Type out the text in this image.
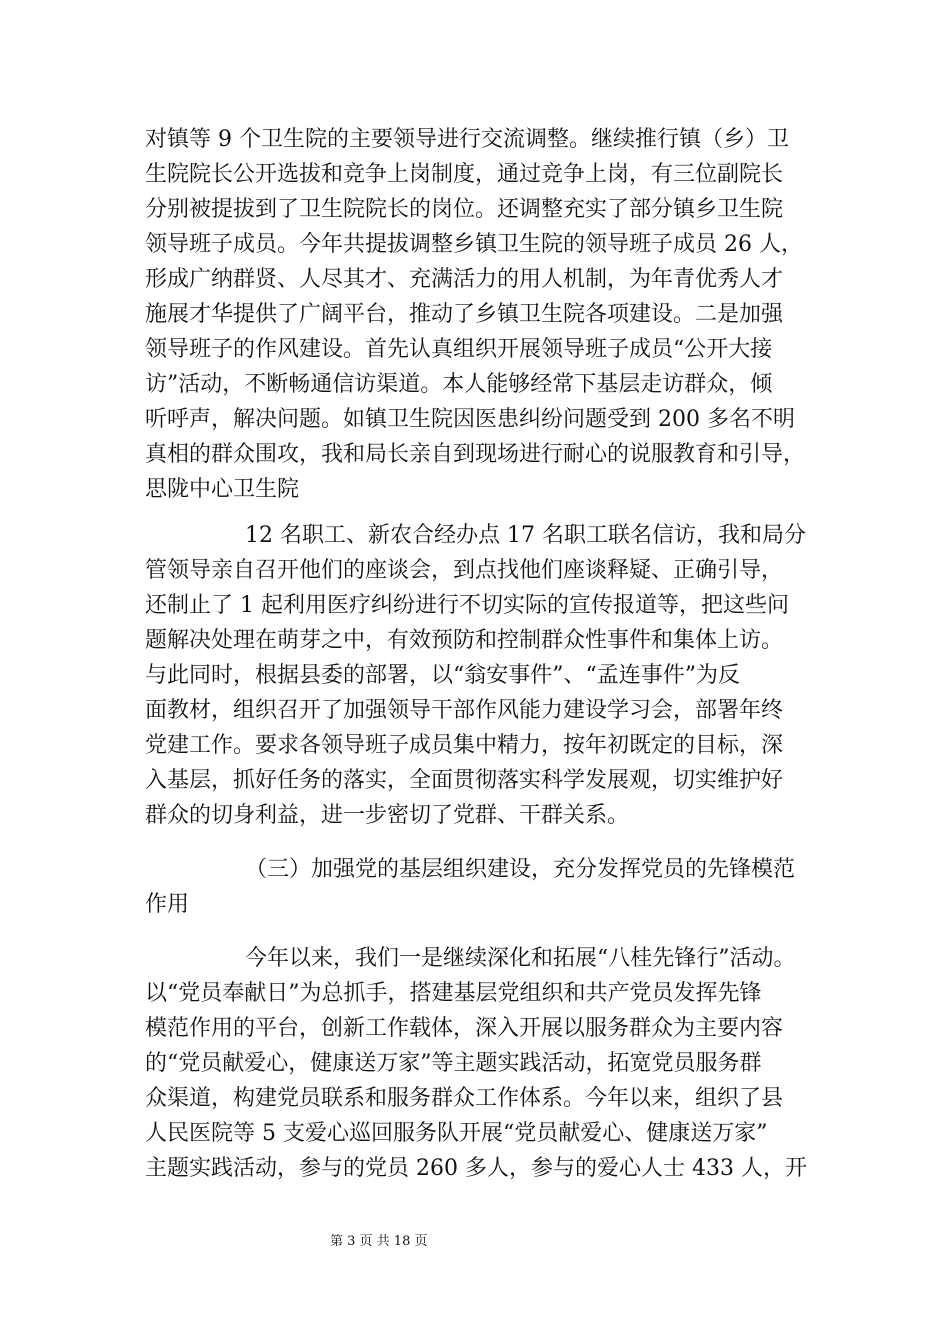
对镇等 9 个卫生院的主要领导进行交流调整。继续推行镇（乡）卫
生院院长公开选拔和竞争上岗制度，通过竞争上岗，有三位副院长
分别被提拔到了卫生院院长的岗位。还调整充实了部分镇乡卫生院
领导班子成员。今年共提拔调整乡镇卫生院的领导班子成员 26 人，
形成广纳群贤、人尽其才、充满活力的用人机制，为年青优秀人才
施展才华提供了广阔平台，推动了乡镇卫生院各项建设。二是加强
领导班子的作风建设。首先认真组织开展领导班子成员“公开大接
访”活动，不断畅通信访渠道。本人能够经常下基层走访群众，倾
听呼声，解决问题。如镇卫生院因医患纠纷问题受到 200 多名不明
真相的群众围攻，我和局长亲自到现场进行耐心的说服教育和引导，
思陇中心卫生院
12 名职工、新农合经办点 17 名职工联名信访，我和局分
管领导亲自召开他们的座谈会，到点找他们座谈释疑、正确引导，
还制止了 1 起利用医疗纠纷进行不切实际的宣传报道等，把这些问
题解决处理在萌芽之中，有效预防和控制群众性事件和集体上访。
与此同时，根据县委的部署，以“翁安事件”、“孟连事件”为反
面教材，组织召开了加强领导干部作风能力建设学习会，部署年终
党建工作。要求各领导班子成员集中精力，按年初既定的目标，深
入基层，抓好任务的落实，全面贯彻落实科学发展观，切实维护好
群众的切身利益，进一步密切了党群、干群关系。
（三）加强党的基层组织建设，充分发挥党员的先锋模范
作用
今年以来，我们一是继续深化和拓展“八桂先锋行”活动。
以“党员奉献日”为总抓手，搭建基层党组织和共产党员发挥先锋
模范作用的平台，创新工作载体，深入开展以服务群众为主要内容
的“党员献爱心，健康送万家”等主题实践活动，拓宽党员服务群
众渠道，构建党员联系和服务群众工作体系。今年以来，组织了县
人民医院等 5 支爱心巡回服务队开展“党员献爱心、健康送万家”
主题实践活动，参与的党员 260 多人，参与的爱心人士 433 人，开
第 3 页 共 18 页
